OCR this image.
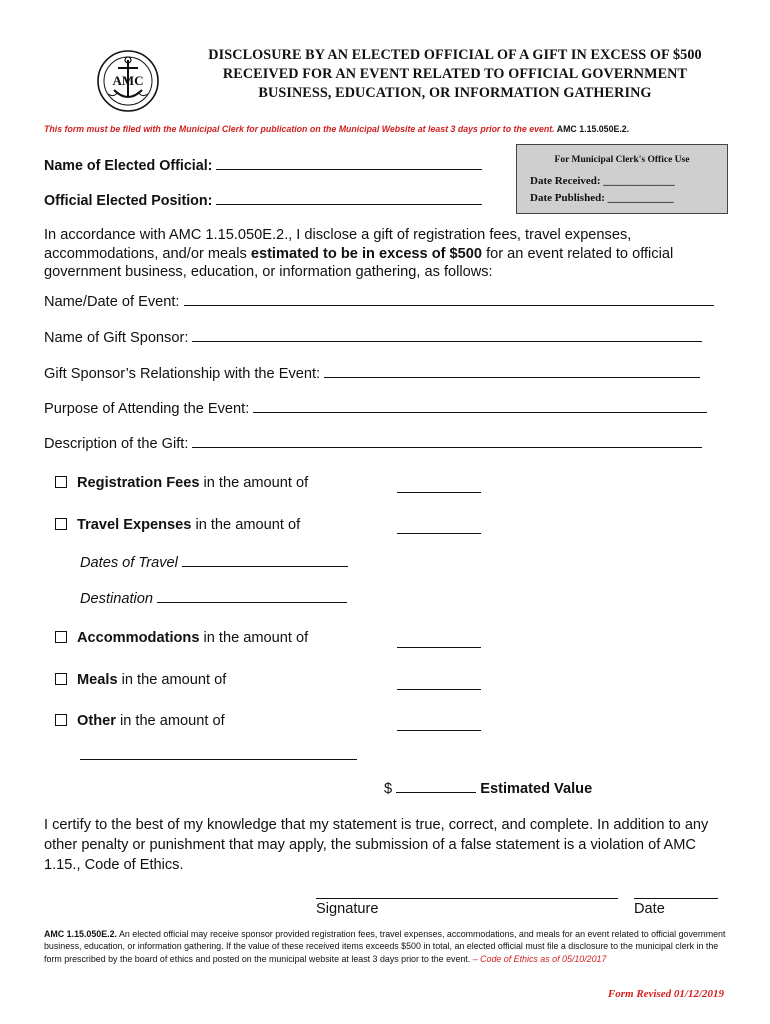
AMC
DISCLOSURE BY AN ELECTED OFFICIAL OF A GIFT IN EXCESS OF $500
RECEIVED FOR AN EVENT RELATED TO OFFICIAL GOVERNMENT
BUSINESS, EDUCATION, OR INFORMATION GATHERING
This form must be filed with the Municipal Clerk for publication on the Municipal Website at least 3 days prior to the event. AMC 1.15.050E.2.
Name of Elected Official:
Official Elected Position:
For Municipal Clerk's Office Use
Date Received: _____________
Date Published: ____________
In accordance with AMC 1.15.050E.2., I disclose a gift of registration fees, travel expenses, accommodations, and/or meals estimated to be in excess of $500 for an event related to official government business, education, or information gathering, as follows:
Name/Date of Event:
Name of Gift Sponsor:
Gift Sponsor’s Relationship with the Event:
Purpose of Attending the Event:
Description of the Gift:
Registration Fees in the amount of
Travel Expenses in the amount of
Dates of Travel
Destination
Accommodations in the amount of
Meals in the amount of
Other in the amount of
$	Estimated Value
I certify to the best of my knowledge that my statement is true, correct, and complete. In addition to any other penalty or punishment that may apply, the submission of a false statement is a violation of AMC 1.15., Code of Ethics.
Signature	Date
AMC 1.15.050E.2. An elected official may receive sponsor provided registration fees, travel expenses, accommodations, and meals for an event related to official government business, education, or information gathering. If the value of these received items exceeds $500 in total, an elected official must file a disclosure to the municipal clerk in the form prescribed by the board of ethics and posted on the municipal website at least 3 days prior to the event. – Code of Ethics as of 05/10/2017
Form Revised 01/12/2019
